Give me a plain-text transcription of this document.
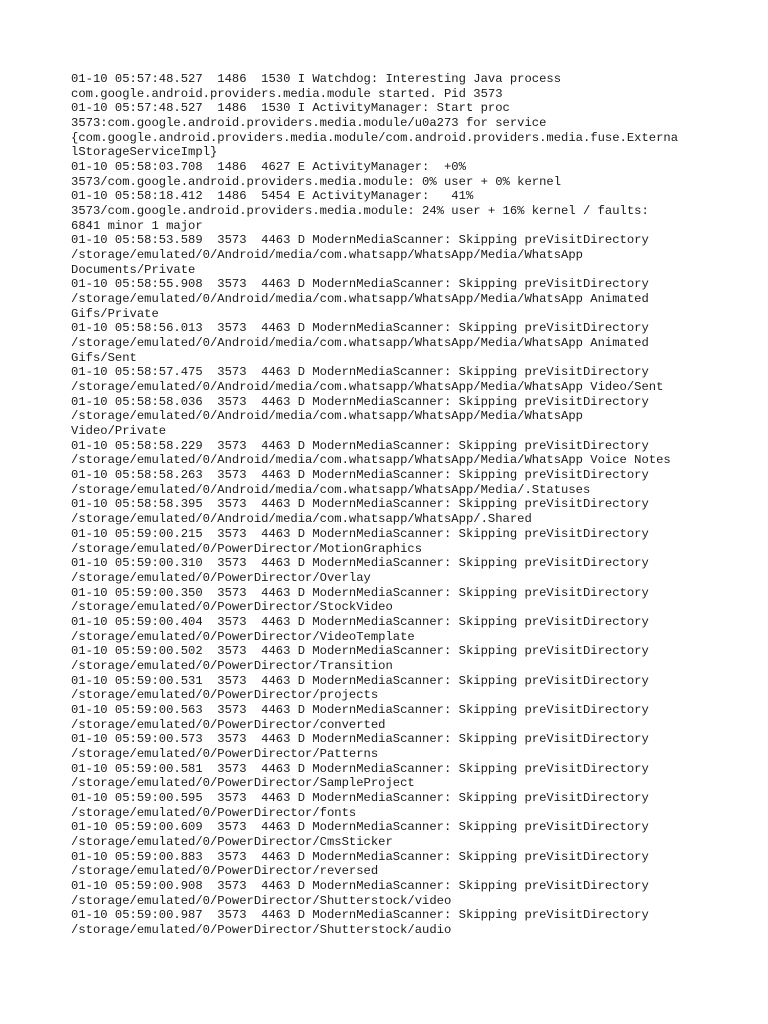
01-10 05:57:48.527  1486  1530 I Watchdog: Interesting Java process
com.google.android.providers.media.module started. Pid 3573
01-10 05:57:48.527  1486  1530 I ActivityManager: Start proc
3573:com.google.android.providers.media.module/u0a273 for service
{com.google.android.providers.media.module/com.android.providers.media.fuse.Externa
lStorageServiceImpl}
01-10 05:58:03.708  1486  4627 E ActivityManager:  +0%
3573/com.google.android.providers.media.module: 0% user + 0% kernel
01-10 05:58:18.412  1486  5454 E ActivityManager:   41%
3573/com.google.android.providers.media.module: 24% user + 16% kernel / faults:
6841 minor 1 major
01-10 05:58:53.589  3573  4463 D ModernMediaScanner: Skipping preVisitDirectory
/storage/emulated/0/Android/media/com.whatsapp/WhatsApp/Media/WhatsApp
Documents/Private
01-10 05:58:55.908  3573  4463 D ModernMediaScanner: Skipping preVisitDirectory
/storage/emulated/0/Android/media/com.whatsapp/WhatsApp/Media/WhatsApp Animated
Gifs/Private
01-10 05:58:56.013  3573  4463 D ModernMediaScanner: Skipping preVisitDirectory
/storage/emulated/0/Android/media/com.whatsapp/WhatsApp/Media/WhatsApp Animated
Gifs/Sent
01-10 05:58:57.475  3573  4463 D ModernMediaScanner: Skipping preVisitDirectory
/storage/emulated/0/Android/media/com.whatsapp/WhatsApp/Media/WhatsApp Video/Sent
01-10 05:58:58.036  3573  4463 D ModernMediaScanner: Skipping preVisitDirectory
/storage/emulated/0/Android/media/com.whatsapp/WhatsApp/Media/WhatsApp
Video/Private
01-10 05:58:58.229  3573  4463 D ModernMediaScanner: Skipping preVisitDirectory
/storage/emulated/0/Android/media/com.whatsapp/WhatsApp/Media/WhatsApp Voice Notes
01-10 05:58:58.263  3573  4463 D ModernMediaScanner: Skipping preVisitDirectory
/storage/emulated/0/Android/media/com.whatsapp/WhatsApp/Media/.Statuses
01-10 05:58:58.395  3573  4463 D ModernMediaScanner: Skipping preVisitDirectory
/storage/emulated/0/Android/media/com.whatsapp/WhatsApp/.Shared
01-10 05:59:00.215  3573  4463 D ModernMediaScanner: Skipping preVisitDirectory
/storage/emulated/0/PowerDirector/MotionGraphics
01-10 05:59:00.310  3573  4463 D ModernMediaScanner: Skipping preVisitDirectory
/storage/emulated/0/PowerDirector/Overlay
01-10 05:59:00.350  3573  4463 D ModernMediaScanner: Skipping preVisitDirectory
/storage/emulated/0/PowerDirector/StockVideo
01-10 05:59:00.404  3573  4463 D ModernMediaScanner: Skipping preVisitDirectory
/storage/emulated/0/PowerDirector/VideoTemplate
01-10 05:59:00.502  3573  4463 D ModernMediaScanner: Skipping preVisitDirectory
/storage/emulated/0/PowerDirector/Transition
01-10 05:59:00.531  3573  4463 D ModernMediaScanner: Skipping preVisitDirectory
/storage/emulated/0/PowerDirector/projects
01-10 05:59:00.563  3573  4463 D ModernMediaScanner: Skipping preVisitDirectory
/storage/emulated/0/PowerDirector/converted
01-10 05:59:00.573  3573  4463 D ModernMediaScanner: Skipping preVisitDirectory
/storage/emulated/0/PowerDirector/Patterns
01-10 05:59:00.581  3573  4463 D ModernMediaScanner: Skipping preVisitDirectory
/storage/emulated/0/PowerDirector/SampleProject
01-10 05:59:00.595  3573  4463 D ModernMediaScanner: Skipping preVisitDirectory
/storage/emulated/0/PowerDirector/fonts
01-10 05:59:00.609  3573  4463 D ModernMediaScanner: Skipping preVisitDirectory
/storage/emulated/0/PowerDirector/CmsSticker
01-10 05:59:00.883  3573  4463 D ModernMediaScanner: Skipping preVisitDirectory
/storage/emulated/0/PowerDirector/reversed
01-10 05:59:00.908  3573  4463 D ModernMediaScanner: Skipping preVisitDirectory
/storage/emulated/0/PowerDirector/Shutterstock/video
01-10 05:59:00.987  3573  4463 D ModernMediaScanner: Skipping preVisitDirectory
/storage/emulated/0/PowerDirector/Shutterstock/audio
